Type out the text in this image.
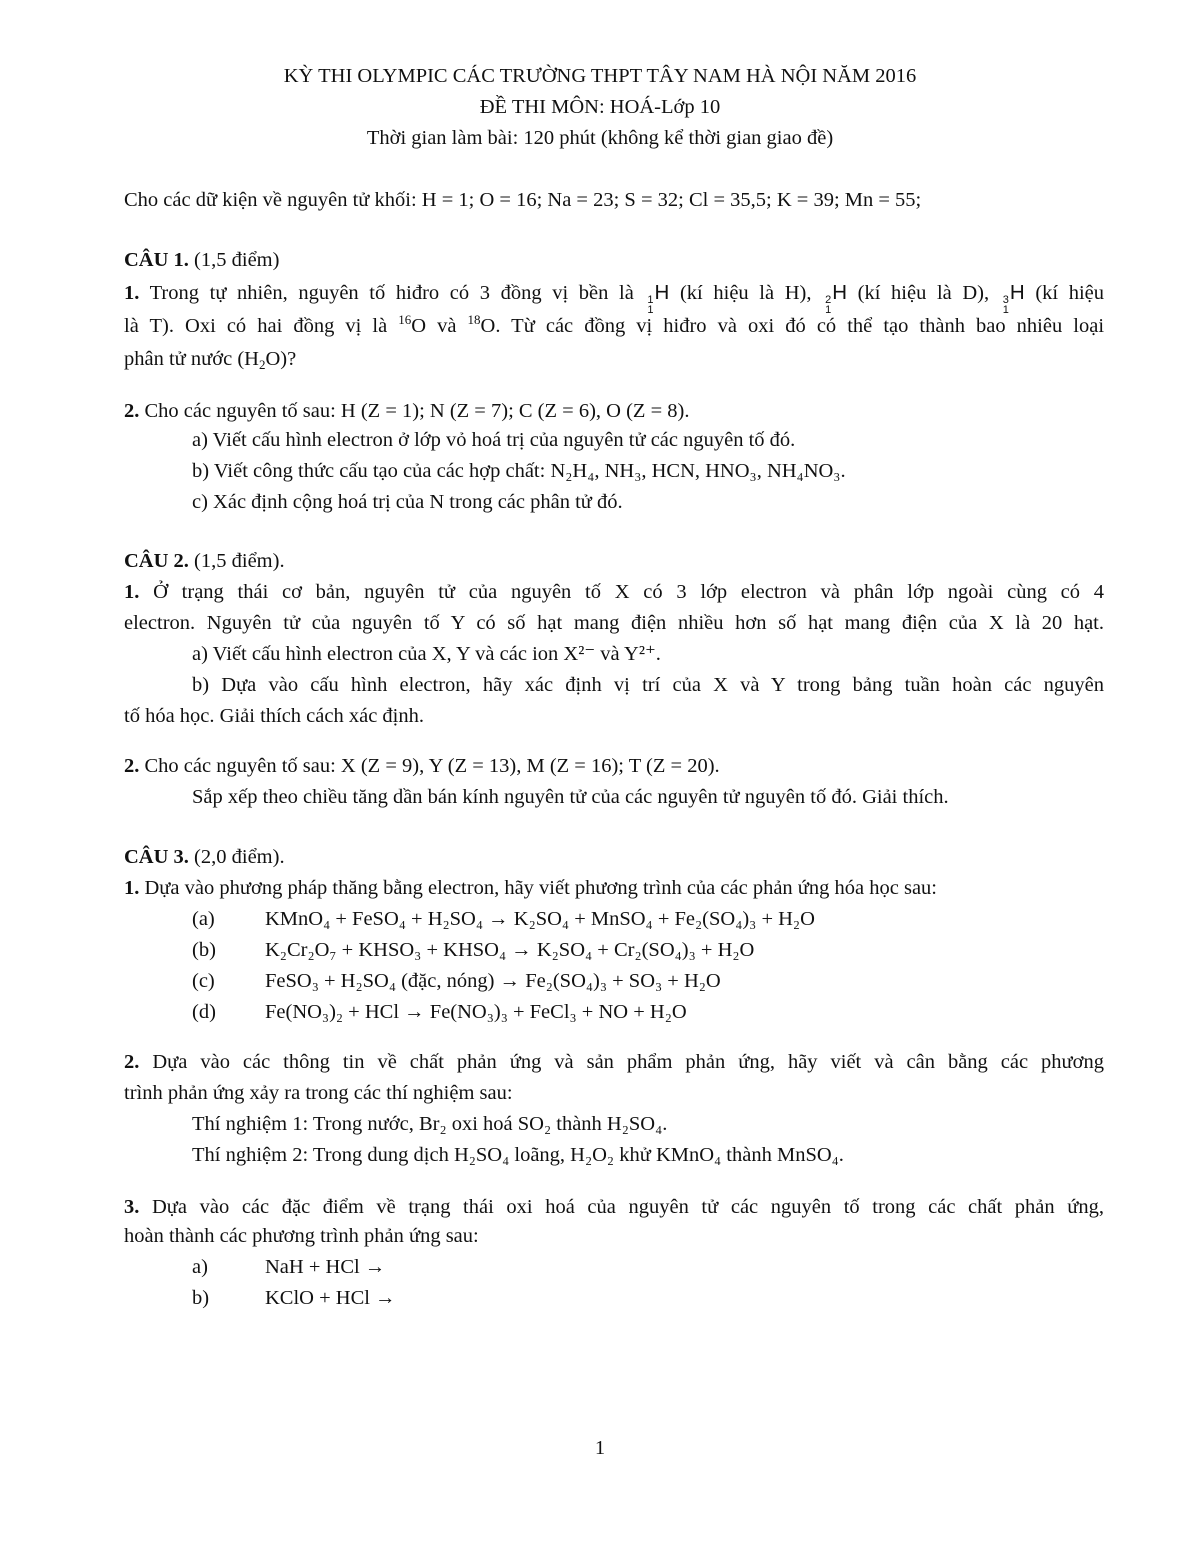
KỲ THI OLYMPIC CÁC TRƯỜNG THPT TÂY NAM HÀ NỘI NĂM 2016
ĐỀ THI MÔN: HOÁ-Lớp 10
Thời gian làm bài: 120 phút (không kể thời gian giao đề)
Cho các dữ kiện về nguyên tử khối: H = 1; O = 16; Na = 23; S = 32; Cl = 35,5; K = 39; Mn = 55;
CÂU 1. (1,5 điểm)
1. Trong tự nhiên, nguyên tố hiđro có 3 đồng vị bền là 1
1
H (kí hiệu là H), 2
1
H (kí hiệu là D), 3
1
H (kí hiệu
là T). Oxi có hai đồng vị là $^{16}$O và $^{18}$O. Từ các đồng vị hiđro và oxi đó có thể tạo thành bao nhiêu loại
phân tử nước $(H_2O)$?
2. Cho các nguyên tố sau: H (Z = 1); N (Z = 7); C (Z = 6), O (Z = 8).
a) Viết cấu hình electron ở lớp vỏ hoá trị của nguyên tử các nguyên tố đó.
b) Viết công thức cấu tạo của các hợp chất: N₂H₄, NH₃, HCN, HNO₃, NH₄NO₃.
c) Xác định cộng hoá trị của N trong các phân tử đó.
CÂU 2. (1,5 điểm).
1. Ở trạng thái cơ bản, nguyên tử của nguyên tố X có 3 lớp electron và phân lớp ngoài cùng có 4
electron. Nguyên tử của nguyên tố Y có số hạt mang điện nhiều hơn số hạt mang điện của X là 20 hạt.
a) Viết cấu hình electron của X, Y và các ion X²⁻ và Y²⁺.
b) Dựa vào cấu hình electron, hãy xác định vị trí của X và Y trong bảng tuần hoàn các nguyên
tố hóa học. Giải thích cách xác định.
2. Cho các nguyên tố sau: X (Z = 9), Y (Z = 13), M (Z = 16); T (Z = 20).
Sắp xếp theo chiều tăng dần bán kính nguyên tử của các nguyên tử nguyên tố đó. Giải thích.
CÂU 3. (2,0 điểm).
1. Dựa vào phương pháp thăng bằng electron, hãy viết phương trình của các phản ứng hóa học sau:
(a) KMnO₄ + FeSO₄ + H₂SO₄ → K₂SO₄ + MnSO₄ + Fe₂(SO₄)₃ + H₂O
(b) K₂Cr₂O₇ + KHSO₃ + KHSO₄ → K₂SO₄ + Cr₂(SO₄)₃ + H₂O
(c) FeSO₃ + H₂SO₄ (đặc, nóng) → Fe₂(SO₄)₃ + SO₃ + H₂O
(d) Fe(NO₃)₂ + HCl → Fe(NO₃)₃ + FeCl₃ + NO + H₂O
2. Dựa vào các thông tin về chất phản ứng và sản phẩm phản ứng, hãy viết và cân bằng các phương
trình phản ứng xảy ra trong các thí nghiệm sau:
Thí nghiệm 1: Trong nước, Br₂ oxi hoá SO₂ thành H₂SO₄.
Thí nghiệm 2: Trong dung dịch H₂SO₄ loãng, H₂O₂ khử KMnO₄ thành MnSO₄.
3. Dựa vào các đặc điểm về trạng thái oxi hoá của nguyên tử các nguyên tố trong các chất phản ứng,
hoàn thành các phương trình phản ứng sau:
a)	NaH + HCl →
b)	KClO + HCl →
1
